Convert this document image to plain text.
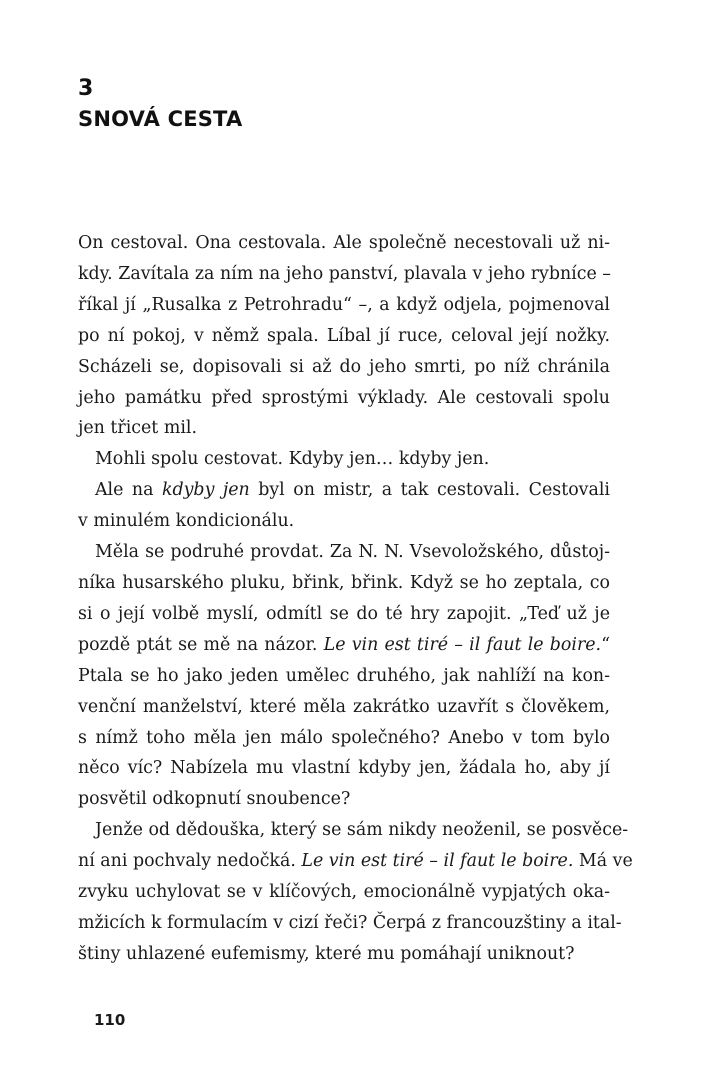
3
SNOVÁ CESTA
On cestoval. Ona cestovala. Ale společně necestovali už ni-
kdy. Zavítala za ním na jeho panství, plavala v jeho rybníce –
říkal jí „Rusalka z Petrohradu“ –, a když odjela, pojmenoval
po ní pokoj, v němž spala. Líbal jí ruce, celoval její nožky.
Scházeli se, dopisovali si až do jeho smrti, po níž chránila
jeho památku před sprostými výklady. Ale cestovali spolu
jen třicet mil.
Mohli spolu cestovat. Kdyby jen… kdyby jen.
Ale na kdyby jen byl on mistr, a tak cestovali. Cestovali
v minulém kondicionálu.
Měla se podruhé provdat. Za N. N. Vsevoložského, důstoj-
níka husarského pluku, břink, břink. Když se ho zeptala, co
si o její volbě myslí, odmítl se do té hry zapojit. „Teď už je
pozdě ptát se mě na názor. Le vin est tiré – il faut le boire.“
Ptala se ho jako jeden umělec druhého, jak nahlíží na kon-
venční manželství, které měla zakrátko uzavřít s člověkem,
s nímž toho měla jen málo společného? Anebo v tom bylo
něco víc? Nabízela mu vlastní kdyby jen, žádala ho, aby jí
posvětil odkopnutí snoubence?
Jenže od dědouška, který se sám nikdy neoženil, se posvěce-
ní ani pochvaly nedočká. Le vin est tiré – il faut le boire. Má ve
zvyku uchylovat se v klíčových, emocionálně vypjatých oka-
mžicích k formulacím v cizí řeči? Čerpá z francouzštiny a ital-
štiny uhlazené eufemismy, které mu pomáhají uniknout?
110
